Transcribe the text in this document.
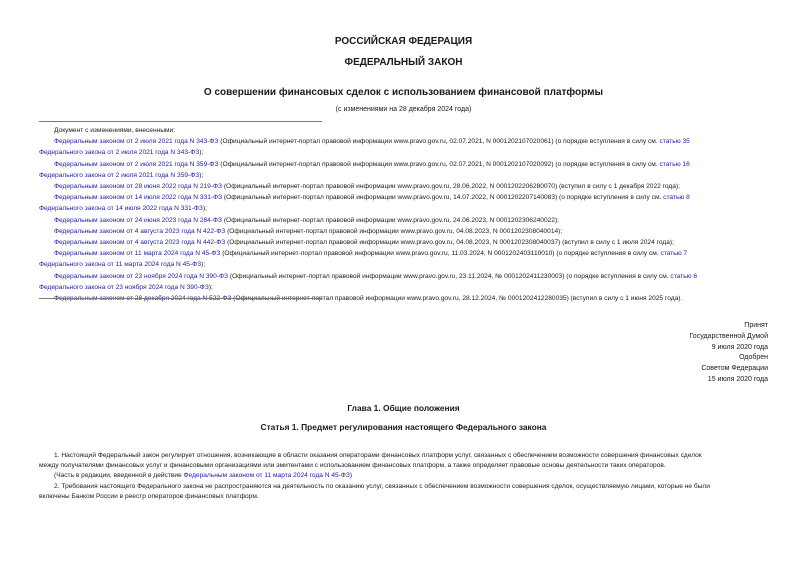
РОССИЙСКАЯ ФЕДЕРАЦИЯ
ФЕДЕРАЛЬНЫЙ ЗАКОН
О совершении финансовых сделок с использованием финансовой платформы
(с изменениями на 28 декабря 2024 года)
Документ с изменениями, внесенными:
Федеральным законом от 2 июля 2021 года N 343-ФЗ (Официальный интернет-портал правовой информации www.pravo.gov.ru, 02.07.2021, N 0001202107020061) (о порядке вступления в силу см. статью 35
Федерального закона от 2 июля 2021 года N 343-ФЗ);
Федеральным законом от 2 июля 2021 года N 359-ФЗ (Официальный интернет-портал правовой информации www.pravo.gov.ru, 02.07.2021, N 0001202107020092) (о порядке вступления в силу см. статью 16
Федерального закона от 2 июля 2021 года N 359-ФЗ);
Федеральным законом от 28 июня 2022 года N 219-ФЗ (Официальный интернет-портал правовой информации www.pravo.gov.ru, 28.06.2022, N 0001202206280070) (вступил в силу с 1 декабря 2022 года);
Федеральным законом от 14 июля 2022 года N 331-ФЗ (Официальный интернет-портал правовой информации www.pravo.gov.ru, 14.07.2022, N 0001202207140083) (о порядке вступления в силу см. статью 8
Федерального закона от 14 июля 2022 года N 331-ФЗ);
Федеральным законом от 24 июня 2023 года N 284-ФЗ (Официальный интернет-портал правовой информации www.pravo.gov.ru, 24.06.2023, N 0001202306240022);
Федеральным законом от 4 августа 2023 года N 422-ФЗ (Официальный интернет-портал правовой информации www.pravo.gov.ru, 04.08.2023, N 0001202308040014);
Федеральным законом от 4 августа 2023 года N 442-ФЗ (Официальный интернет-портал правовой информации www.pravo.gov.ru, 04.08.2023, N 0001202308040037) (вступил в силу с 1 июля 2024 года);
Федеральным законом от 11 марта 2024 года N 45-ФЗ (Официальный интернет-портал правовой информации www.pravo.gov.ru, 11.03.2024, N 0001202403110010) (о порядке вступления в силу см. статью 7
Федерального закона от 11 марта 2024 года N 45-ФЗ);
Федеральным законом от 23 ноября 2024 года N 390-ФЗ (Официальный интернет-портал правовой информации www.pravo.gov.ru, 23.11.2024, № 0001202411230003) (о порядке вступления в силу см. статью 6
Федерального закона от 23 ноября 2024 года N 390-ФЗ);
Федеральным законом от 28 декабря 2024 года N 522-ФЗ (Официальный интернет-портал правовой информации www.pravo.gov.ru, 28.12.2024, № 0001202412280035) (вступил в силу с 1 июня 2025 года).
Принят
Государственной Думой
9 июля 2020 года
Одобрен
Советом Федерации
15 июля 2020 года
Глава 1. Общие положения
Статья 1. Предмет регулирования настоящего Федерального закона
1. Настоящий Федеральный закон регулирует отношения, возникающие в области оказания операторами финансовых платформ услуг, связанных с обеспечением возможности совершения финансовых сделок
между получателями финансовых услуг и финансовыми организациями или эмитентами с использованием финансовых платформ, а также определяет правовые основы деятельности таких операторов.
(Часть в редакции, введенной в действие Федеральным законом от 11 марта 2024 года N 45-ФЗ)
2. Требования настоящего Федерального закона не распространяются на деятельность по оказанию услуг, связанных с обеспечением возможности совершения сделок, осуществляемую лицами, которые не были
включены Банком России в реестр операторов финансовых платформ.
